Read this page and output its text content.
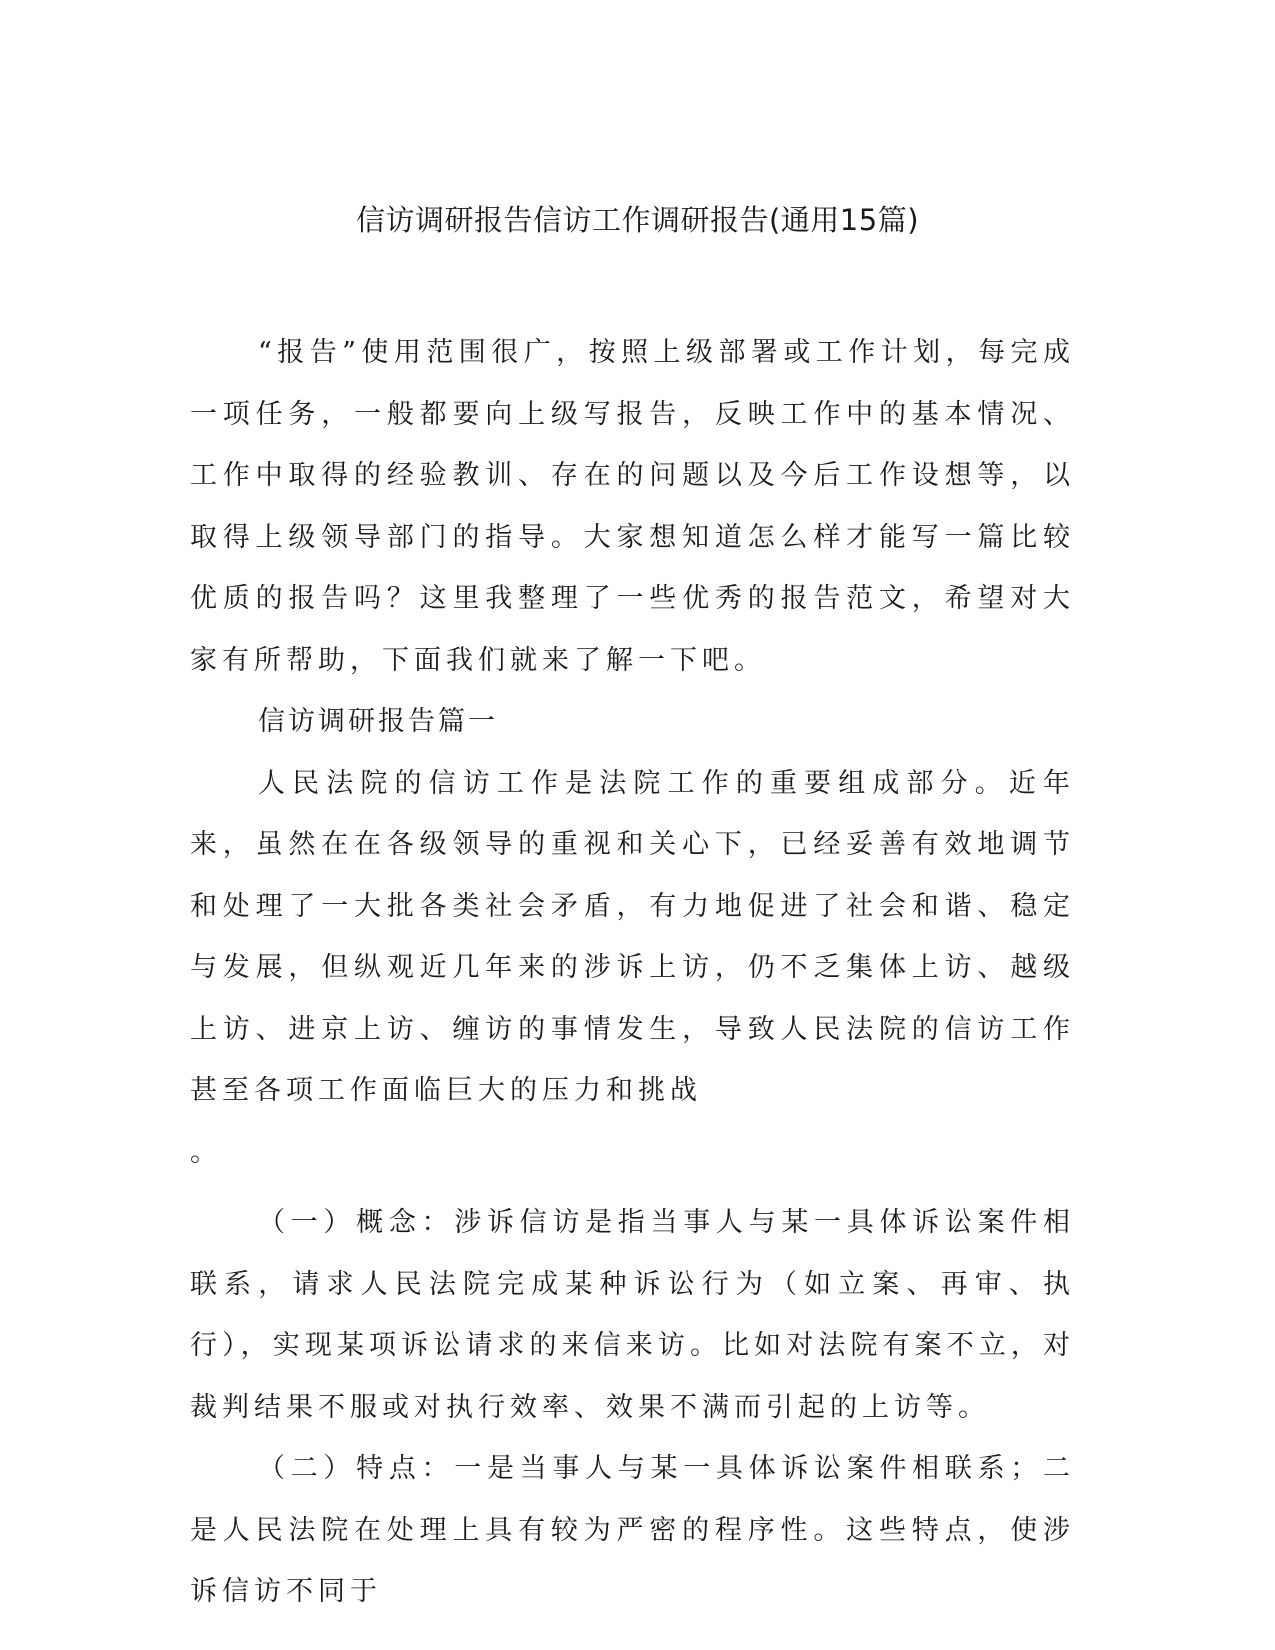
信访调研报告信访工作调研报告(通用15篇)

“报告”使用范围很广，按照上级部署或工作计划，每完成一项任务，一般都要向上级写报告，反映工作中的基本情况、工作中取得的经验教训、存在的问题以及今后工作设想等，以取得上级领导部门的指导。大家想知道怎么样才能写一篇比较优质的报告吗？这里我整理了一些优秀的报告范文，希望对大家有所帮助，下面我们就来了解一下吧。

信访调研报告篇一

人民法院的信访工作是法院工作的重要组成部分。近年来，虽然在在各级领导的重视和关心下，已经妥善有效地调节和处理了一大批各类社会矛盾，有力地促进了社会和谐、稳定与发展，但纵观近几年来的涉诉上访，仍不乏集体上访、越级上访、进京上访、缠访的事情发生，导致人民法院的信访工作甚至各项工作面临巨大的压力和挑战

。

（一）概念：涉诉信访是指当事人与某一具体诉讼案件相联系，请求人民法院完成某种诉讼行为（如立案、再审、执行），实现某项诉讼请求的来信来访。比如对法院有案不立，对裁判结果不服或对执行效率、效果不满而引起的上访等。

（二）特点：一是当事人与某一具体诉讼案件相联系；二是人民法院在处理上具有较为严密的程序性。这些特点，使涉诉信访不同于
